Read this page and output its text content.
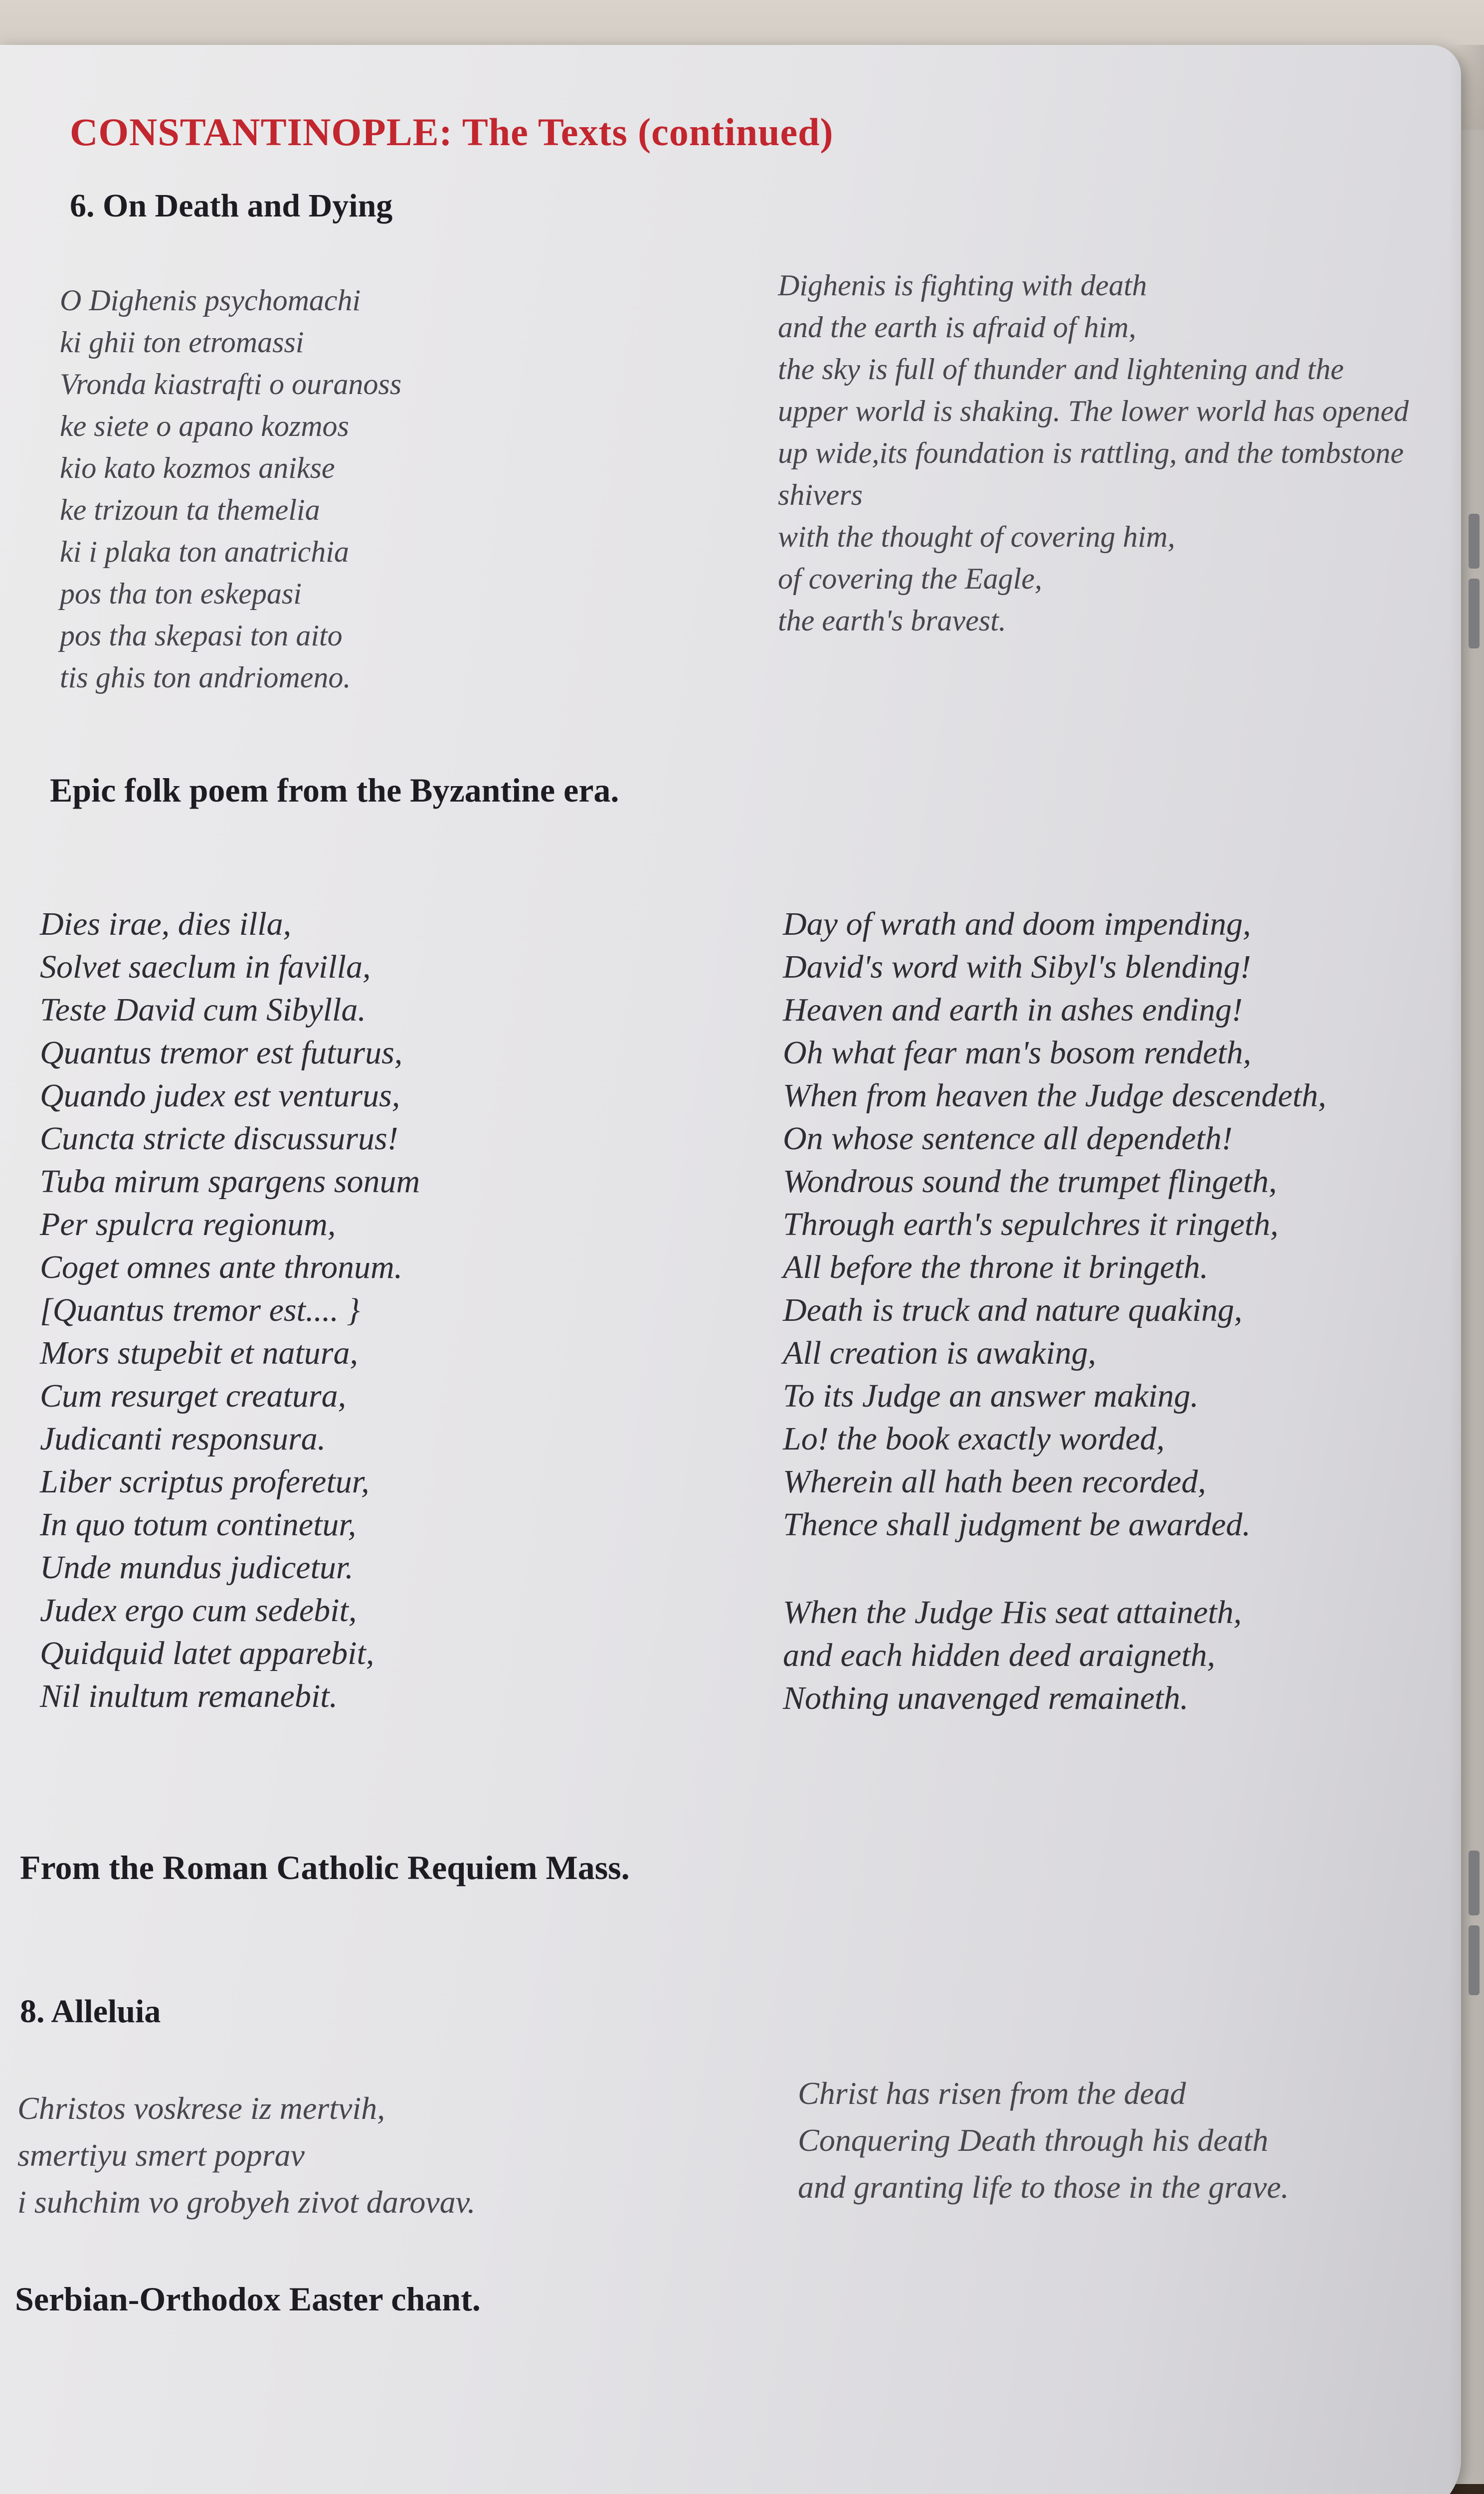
CONSTANTINOPLE: The Texts (continued)
6. On Death and Dying
O Dighenis psychomachi
ki ghii ton etromassi
Vronda kiastrafti o ouranoss
ke siete o apano kozmos
kio kato kozmos anikse
ke trizoun ta themelia
ki i plaka ton anatrichia
pos tha ton eskepasi
pos tha skepasi ton aito
tis ghis ton andriomeno.
Dighenis is fighting with death
and the earth is afraid of him,
the sky is full of thunder and lightening and the
upper world is shaking. The lower world has opened
up wide,its foundation is rattling, and the tombstone
shivers
with the thought of covering him,
of covering the Eagle,
the earth's bravest.
Epic folk poem from the Byzantine era.
Dies irae, dies illa,
Solvet saeclum in favilla,
Teste David cum Sibylla.
Quantus tremor est futurus,
Quando judex est venturus,
Cuncta stricte discussurus!
Tuba mirum spargens sonum
Per spulcra regionum,
Coget omnes ante thronum.
[Quantus tremor est.... }
Mors stupebit et natura,
Cum resurget creatura,
Judicanti responsura.
Liber scriptus proferetur,
In quo totum continetur,
Unde mundus judicetur.
Judex ergo cum sedebit,
Quidquid latet apparebit,
Nil inultum remanebit.
Day of wrath and doom impending,
David's word with Sibyl's blending!
Heaven and earth in ashes ending!
Oh what fear man's bosom rendeth,
When from heaven the Judge descendeth,
On whose sentence all dependeth!
Wondrous sound the trumpet flingeth,
Through earth's sepulchres it ringeth,
All before the throne it bringeth.
Death is truck and nature quaking,
All creation is awaking,
To its Judge an answer making.
Lo! the book exactly worded,
Wherein all hath been recorded,
Thence shall judgment be awarded.
When the Judge His seat attaineth,
and each hidden deed araigneth,
Nothing unavenged remaineth.
From the Roman Catholic Requiem Mass.
8. Alleluia
Christos voskrese iz mertvih,
smertiyu smert poprav
i suhchim vo grobyeh zivot darovav.
Christ has risen from the dead
Conquering Death through his death
and granting life to those in the grave.
Serbian-Orthodox Easter chant.
